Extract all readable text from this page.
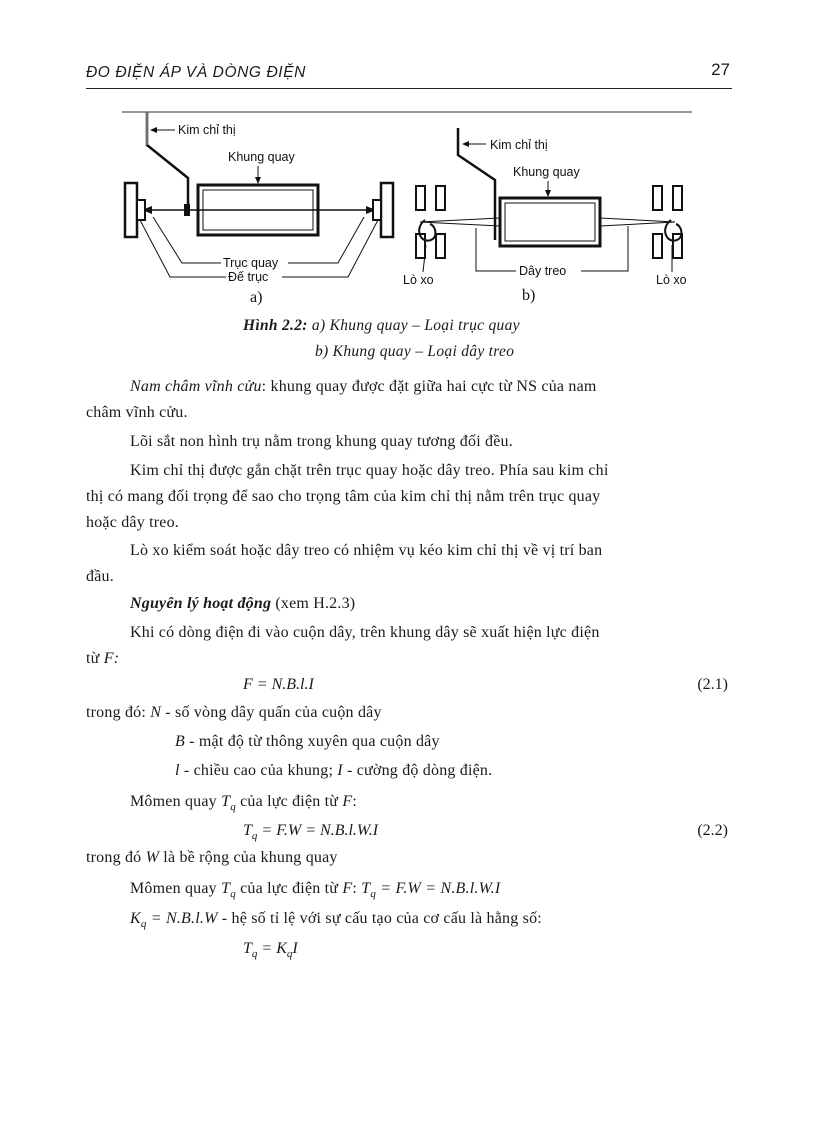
ĐO ĐIỆN ÁP VÀ DÒNG ĐIỆN	27
Kim chỉ thị
Khung quay
Trục quay
Đế trục
a)
Kim chỉ thị
Khung quay
Dây treo
Lò xo	Lò xo
b)
Hình 2.2: a) Khung quay – Loại trục quay
b) Khung quay – Loại dây treo
Nam châm vĩnh cửu: khung quay được đặt giữa hai cực từ NS của nam
châm vĩnh cửu.
Lõi sắt non hình trụ nằm trong khung quay tương đối đều.
Kim chỉ thị được gắn chặt trên trục quay hoặc dây treo. Phía sau kim chỉ
thị có mang đối trọng để sao cho trọng tâm của kim chỉ thị nằm trên trục quay
hoặc dây treo.
Lò xo kiểm soát hoặc dây treo có nhiệm vụ kéo kim chỉ thị về vị trí ban
đầu.
Nguyên lý hoạt động (xem H.2.3)
Khi có dòng điện đi vào cuộn dây, trên khung dây sẽ xuất hiện lực điện
từ F:
F = N.B.l.I	(2.1)
trong đó: N - số vòng dây quấn của cuộn dây
B - mật độ từ thông xuyên qua cuộn dây
l - chiều cao của khung; I - cường độ dòng điện.
Mômen quay $T_q$ của lực điện từ F:
$T_q = F.W = N.B.l.W.I$	(2.2)
trong đó W là bề rộng của khung quay
Mômen quay $T_q$ của lực điện từ F: $T_q = F.W = N.B.l.W.I$
$K_q = N.B.l.W$ - hệ số tỉ lệ với sự cấu tạo của cơ cấu là hằng số:
$T_q = K_qI$
